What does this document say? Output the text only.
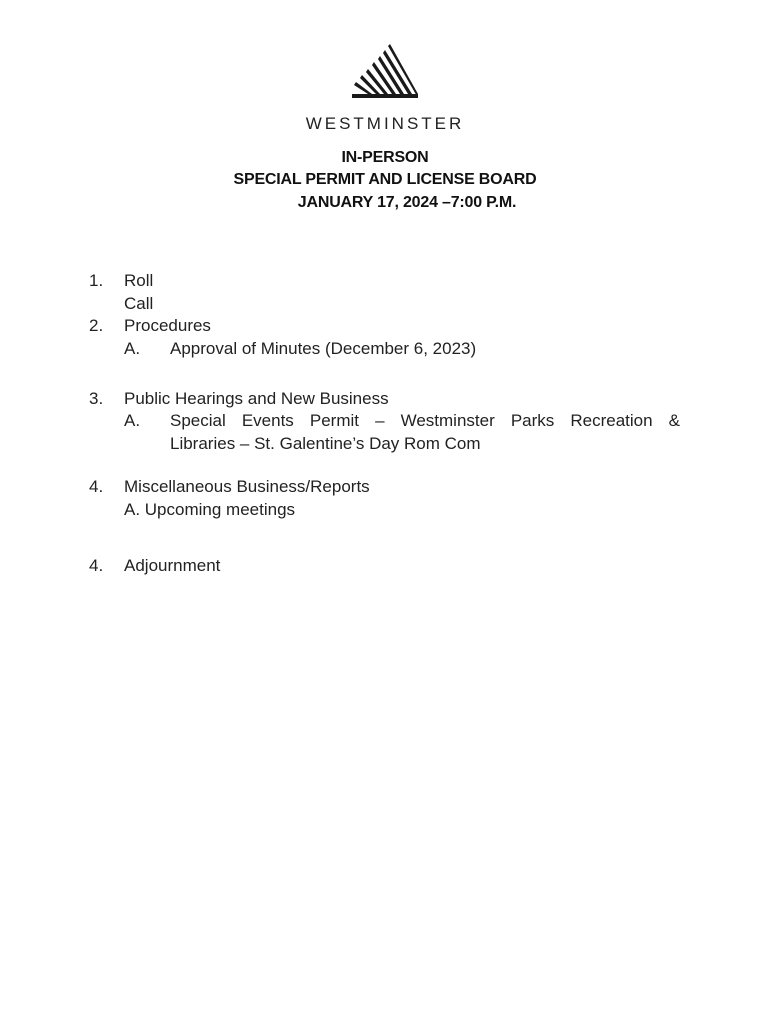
WESTMINSTER
IN-PERSON
SPECIAL PERMIT AND LICENSE BOARD
JANUARY 17, 2024 –7:00 P.M.
1. Roll Call
2. Procedures
A. Approval of Minutes (December 6, 2023)
3. Public Hearings and New Business
A. Special Events Permit – Westminster Parks Recreation &
Libraries – St. Galentine’s Day Rom Com
4. Miscellaneous Business/Reports
A. Upcoming meetings
4. Adjournment
